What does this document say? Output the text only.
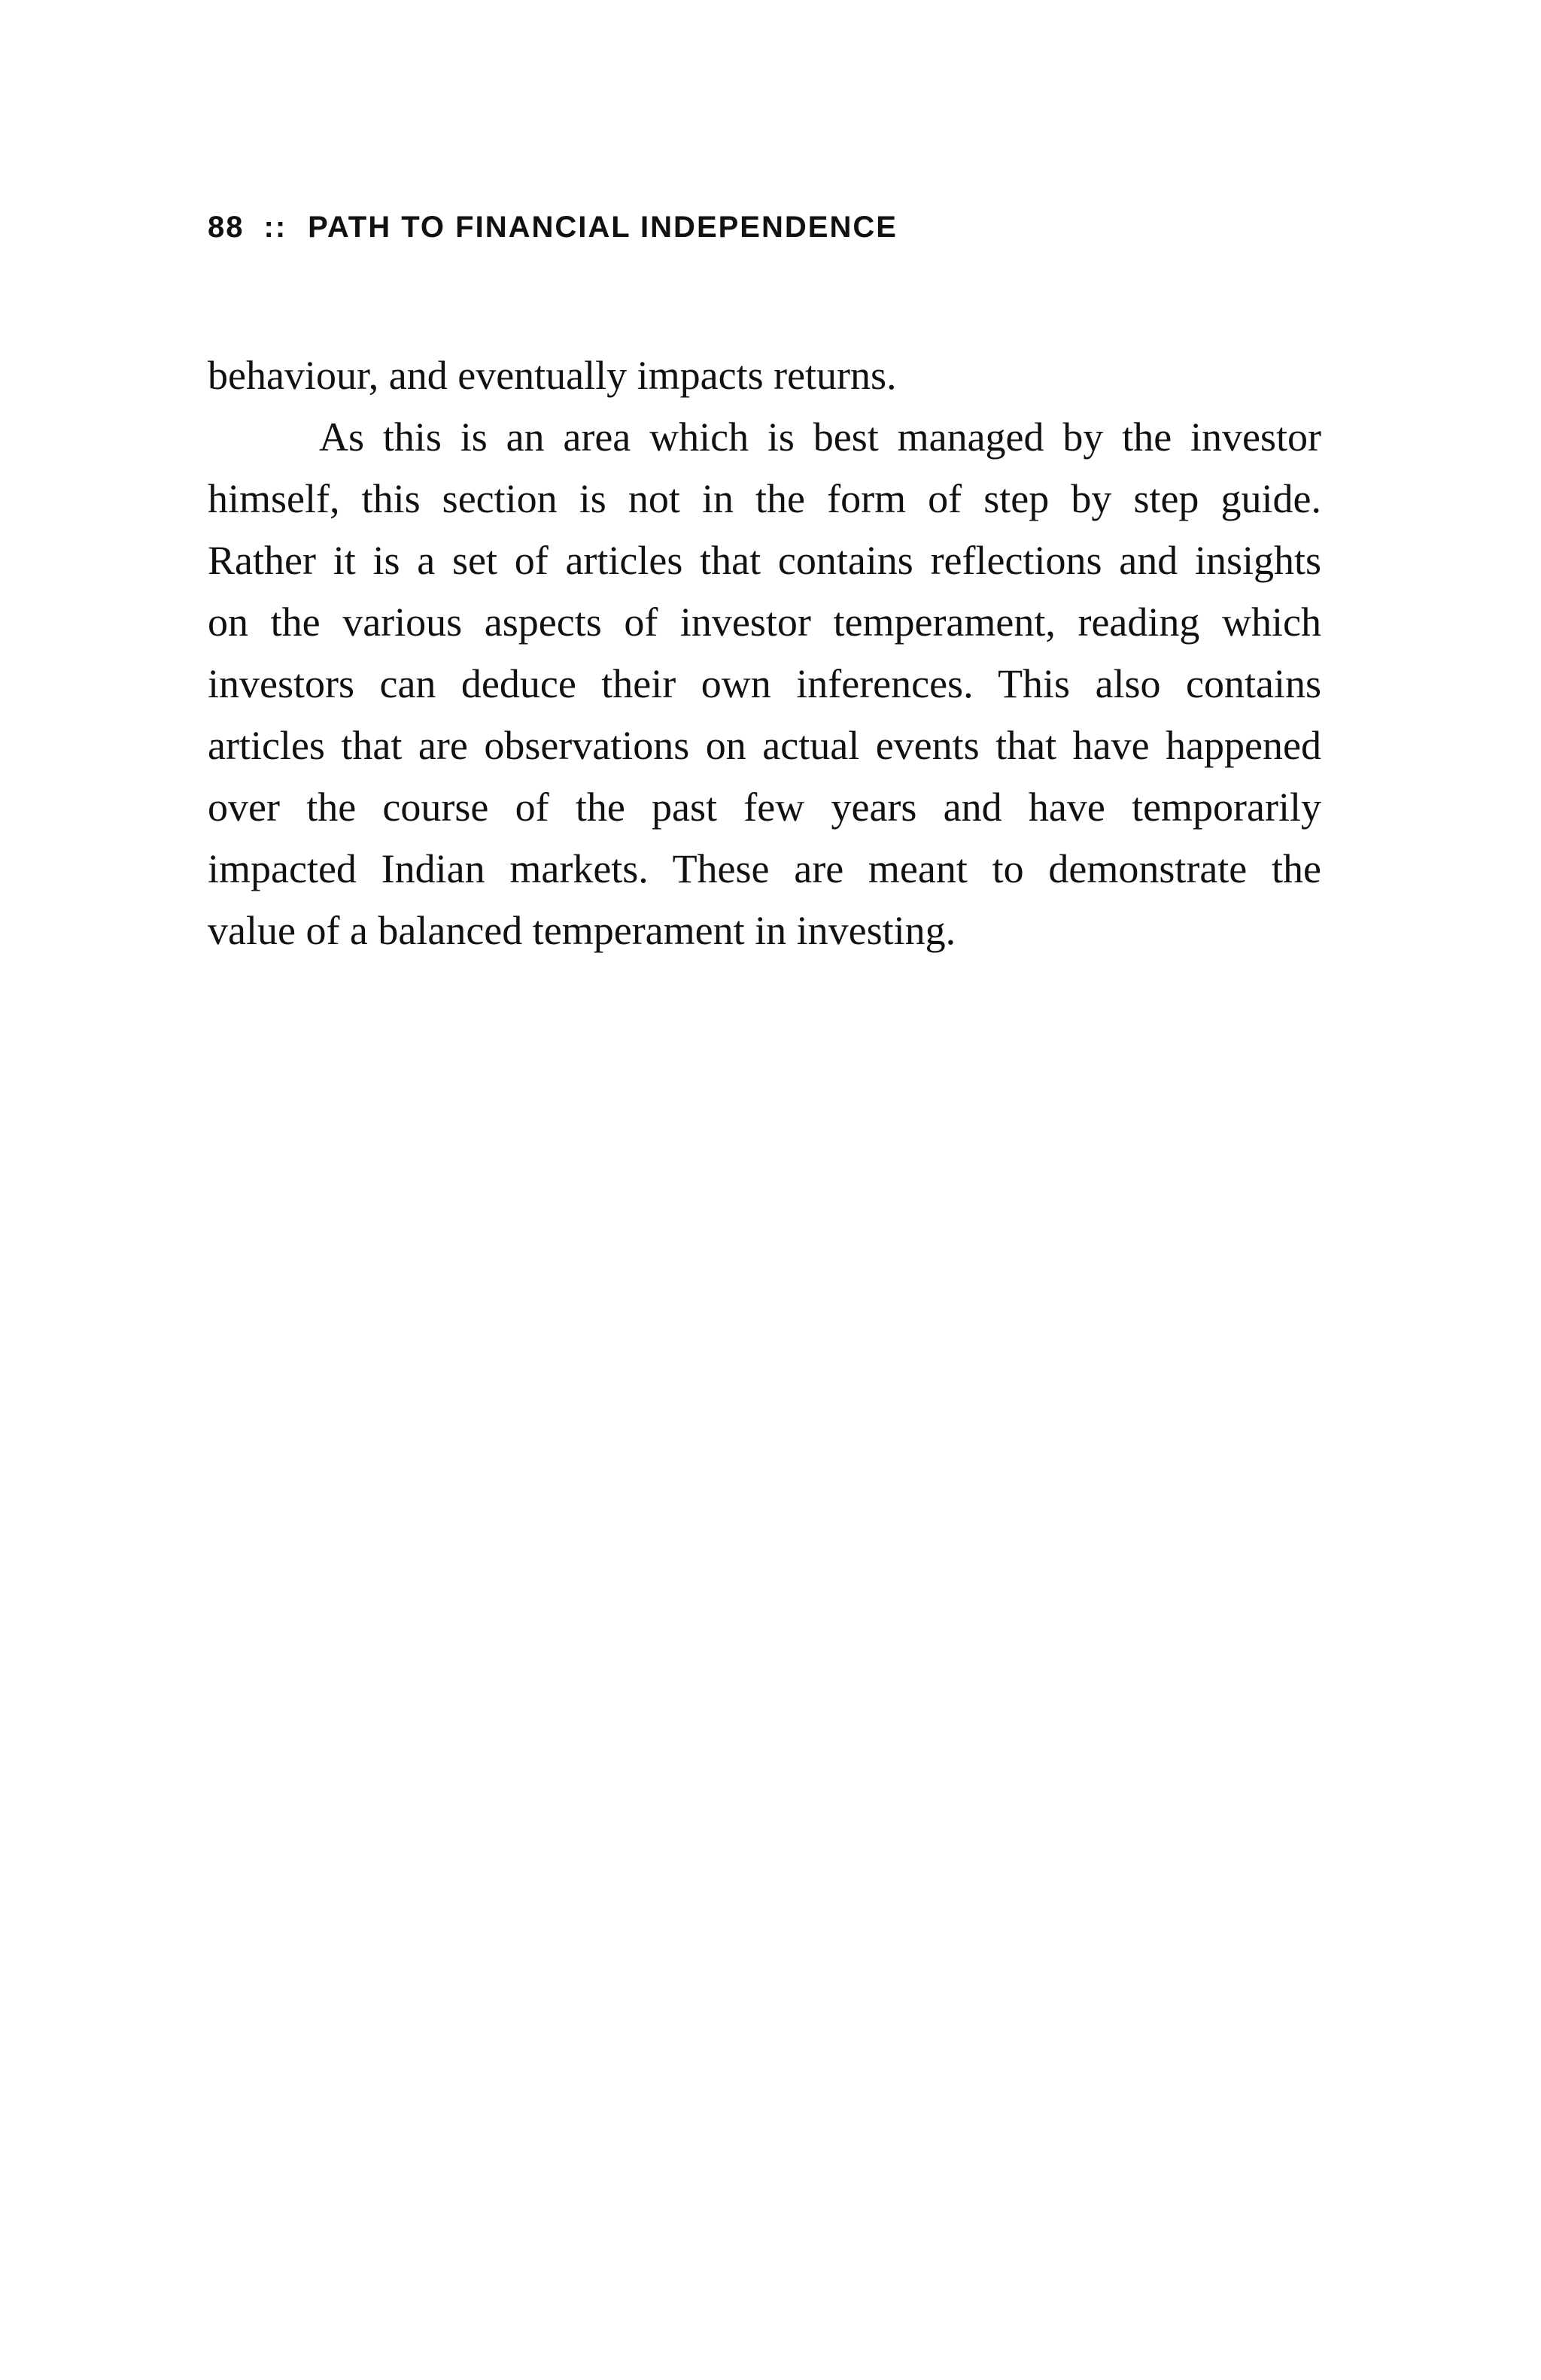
88 :: PATH TO FINANCIAL INDEPENDENCE
behaviour, and eventually impacts returns.
As this is an area which is best managed by the investor
himself, this section is not in the form of step by step guide.
Rather it is a set of articles that contains reflections and insights
on the various aspects of investor temperament, reading which
investors can deduce their own inferences. This also contains
articles that are observations on actual events that have happened
over the course of the past few years and have temporarily
impacted Indian markets. These are meant to demonstrate the
value of a balanced temperament in investing.
